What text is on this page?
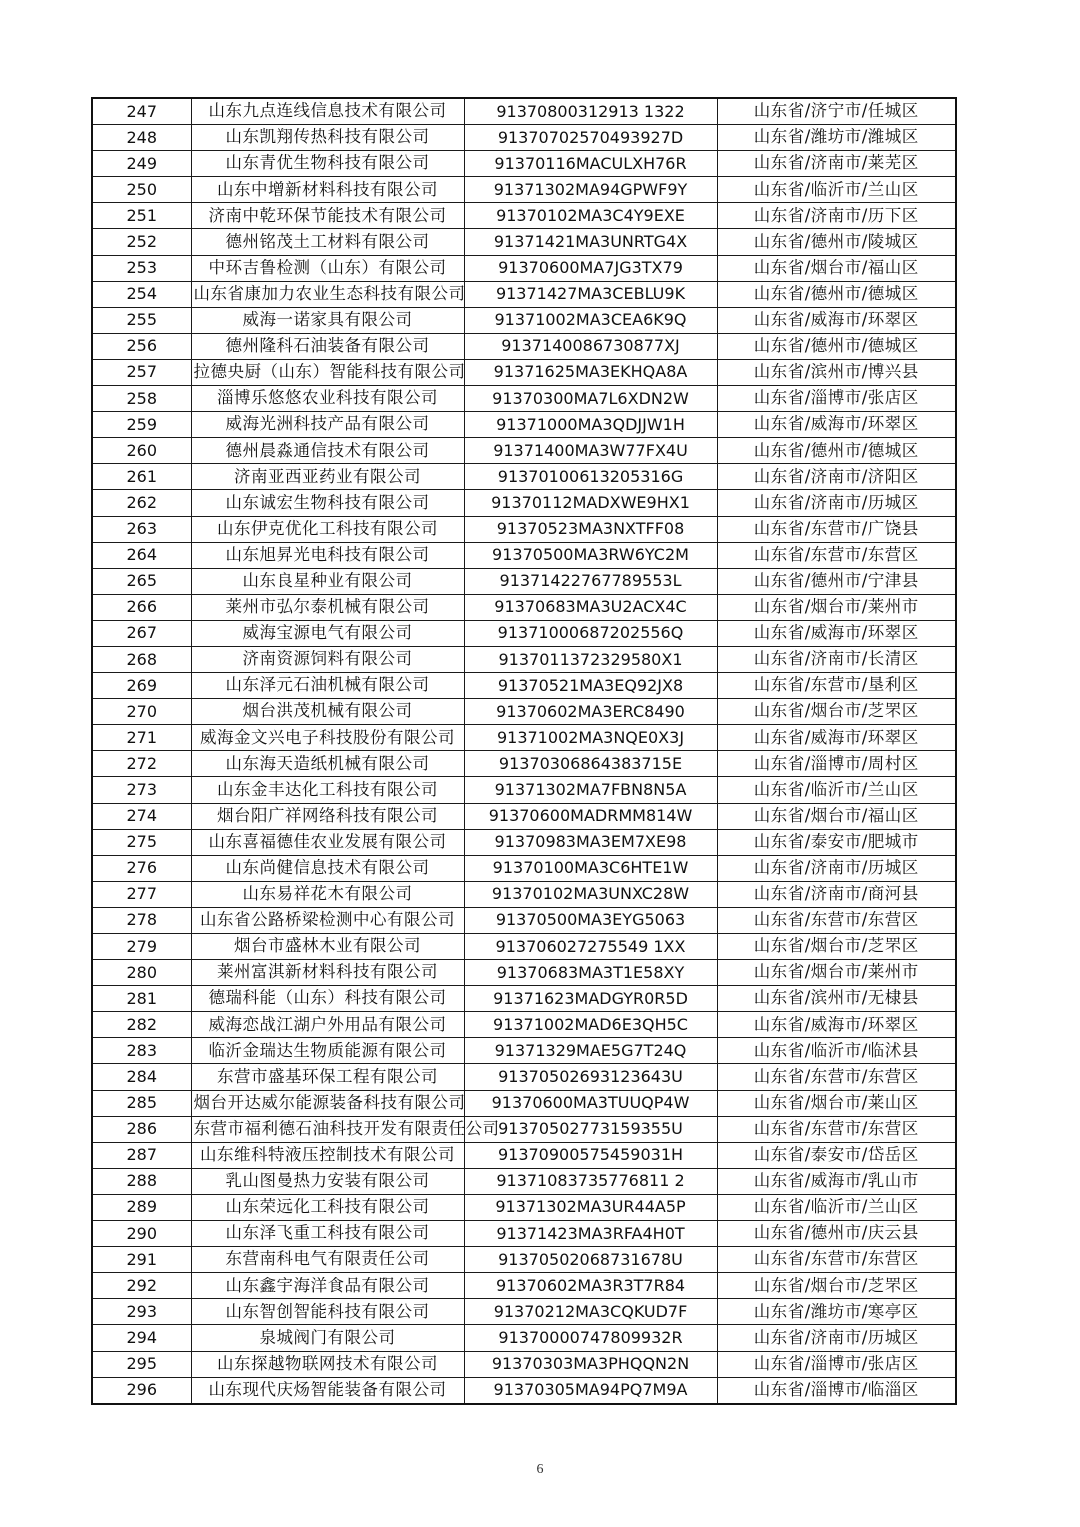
247	山东九点连线信息技术有限公司	91370800312913 1322	山东省/济宁市/任城区
248	山东凯翔传热科技有限公司	91370702570493927D	山东省/潍坊市/潍城区
249	山东青优生物科技有限公司	91370116MACULXH76R	山东省/济南市/莱芜区
250	山东中增新材料科技有限公司	91371302MA94GPWF9Y	山东省/临沂市/兰山区
251	济南中乾环保节能技术有限公司	91370102MA3C4Y9EXE	山东省/济南市/历下区
252	德州铭茂土工材料有限公司	91371421MA3UNRTG4X	山东省/德州市/陵城区
253	中环吉鲁检测（山东）有限公司	91370600MA7JG3TX79	山东省/烟台市/福山区
254	山东省康加力农业生态科技有限公司	91371427MA3CEBLU9K	山东省/德州市/德城区
255	威海一诺家具有限公司	91371002MA3CEA6K9Q	山东省/威海市/环翠区
256	德州隆科石油装备有限公司	9137140086730877XJ	山东省/德州市/德城区
257	拉德央厨（山东）智能科技有限公司	91371625MA3EKHQA8A	山东省/滨州市/博兴县
258	淄博乐悠悠农业科技有限公司	91370300MA7L6XDN2W	山东省/淄博市/张店区
259	威海光洲科技产品有限公司	91371000MA3QDJJW1H	山东省/威海市/环翠区
260	德州晨淼通信技术有限公司	91371400MA3W77FX4U	山东省/德州市/德城区
261	济南亚西亚药业有限公司	91370100613205316G	山东省/济南市/济阳区
262	山东诚宏生物科技有限公司	91370112MADXWE9HX1	山东省/济南市/历城区
263	山东伊克优化工科技有限公司	91370523MA3NXTFF08	山东省/东营市/广饶县
264	山东旭昇光电科技有限公司	91370500MA3RW6YC2M	山东省/东营市/东营区
265	山东良星种业有限公司	91371422767789553L	山东省/德州市/宁津县
266	莱州市弘尔泰机械有限公司	91370683MA3U2ACX4C	山东省/烟台市/莱州市
267	威海宝源电气有限公司	91371000687202556Q	山东省/威海市/环翠区
268	济南资源饲料有限公司	9137011372329580X1	山东省/济南市/长清区
269	山东泽元石油机械有限公司	91370521MA3EQ92JX8	山东省/东营市/垦利区
270	烟台洪茂机械有限公司	91370602MA3ERC8490	山东省/烟台市/芝罘区
271	威海金文兴电子科技股份有限公司	91371002MA3NQE0X3J	山东省/威海市/环翠区
272	山东海天造纸机械有限公司	91370306864383715E	山东省/淄博市/周村区
273	山东金丰达化工科技有限公司	91371302MA7FBN8N5A	山东省/临沂市/兰山区
274	烟台阳广祥网络科技有限公司	91370600MADRMM814W	山东省/烟台市/福山区
275	山东喜福德佳农业发展有限公司	91370983MA3EM7XE98	山东省/泰安市/肥城市
276	山东尚健信息技术有限公司	91370100MA3C6HTE1W	山东省/济南市/历城区
277	山东易祥花木有限公司	91370102MA3UNXC28W	山东省/济南市/商河县
278	山东省公路桥梁检测中心有限公司	91370500MA3EYG5063	山东省/东营市/东营区
279	烟台市盛林木业有限公司	913706027275549 1XX	山东省/烟台市/芝罘区
280	莱州富淇新材料科技有限公司	91370683MA3T1E58XY	山东省/烟台市/莱州市
281	德瑞科能（山东）科技有限公司	91371623MADGYR0R5D	山东省/滨州市/无棣县
282	威海恋战江湖户外用品有限公司	91371002MAD6E3QH5C	山东省/威海市/环翠区
283	临沂金瑞达生物质能源有限公司	91371329MAE5G7T24Q	山东省/临沂市/临沭县
284	东营市盛基环保工程有限公司	91370502693123643U	山东省/东营市/东营区
285	烟台开达威尔能源装备科技有限公司	91370600MA3TUUQP4W	山东省/烟台市/莱山区
286	东营市福利德石油科技开发有限责任公司	91370502773159355U	山东省/东营市/东营区
287	山东维科特液压控制技术有限公司	91370900575459031H	山东省/泰安市/岱岳区
288	乳山图曼热力安装有限公司	91371083735776811 2	山东省/威海市/乳山市
289	山东荣远化工科技有限公司	91371302MA3UR44A5P	山东省/临沂市/兰山区
290	山东泽飞重工科技有限公司	91371423MA3RFA4H0T	山东省/德州市/庆云县
291	东营南科电气有限责任公司	91370502068731678U	山东省/东营市/东营区
292	山东鑫宇海洋食品有限公司	91370602MA3R3T7R84	山东省/烟台市/芝罘区
293	山东智创智能科技有限公司	91370212MA3CQKUD7F	山东省/潍坊市/寒亭区
294	泉城阀门有限公司	91370000747809932R	山东省/济南市/历城区
295	山东探越物联网技术有限公司	91370303MA3PHQQN2N	山东省/淄博市/张店区
296	山东现代庆炀智能装备有限公司	91370305MA94PQ7M9A	山东省/淄博市/临淄区
6
